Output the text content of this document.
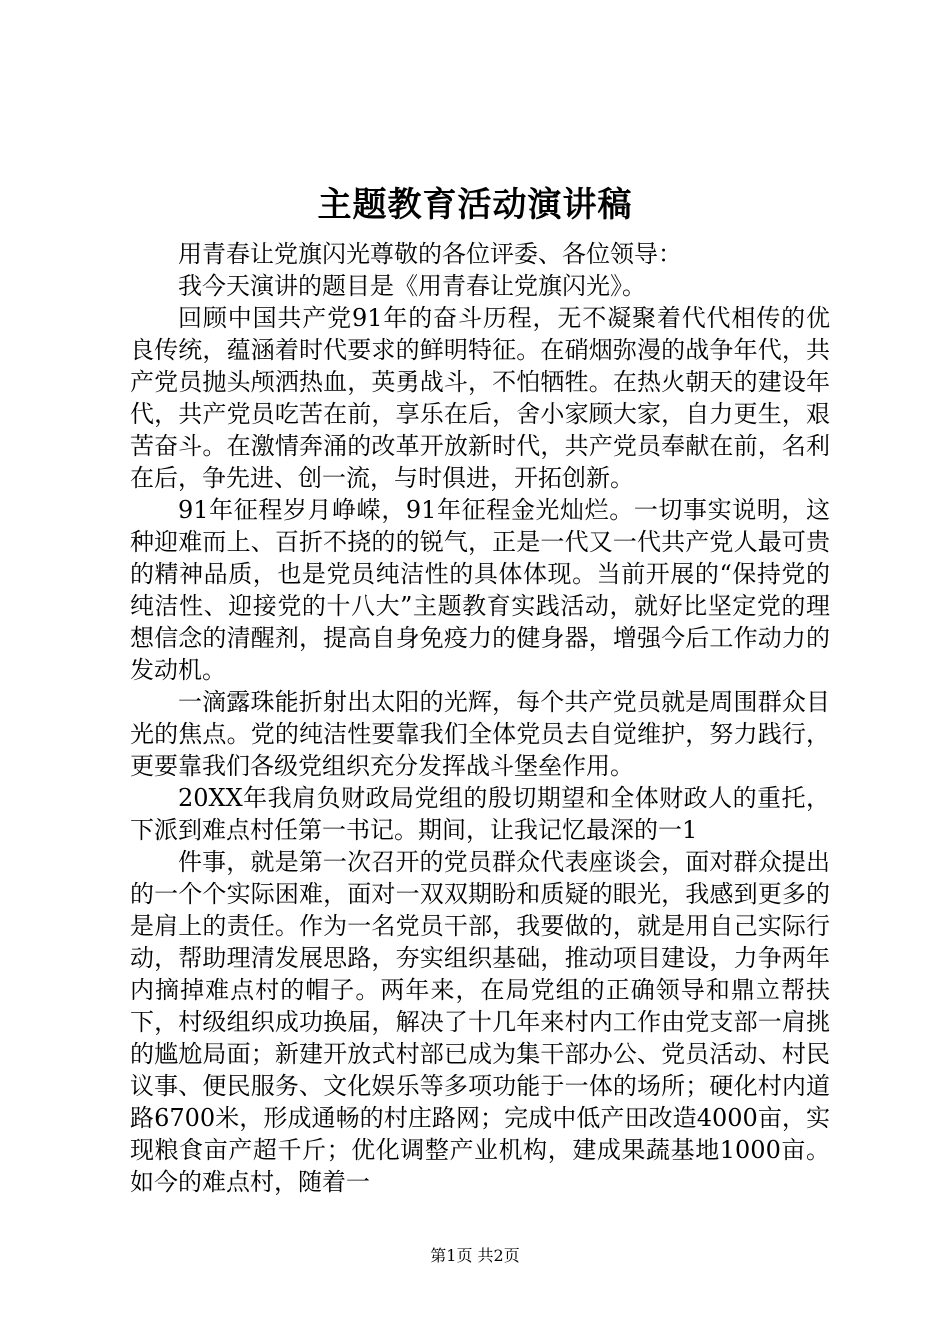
主题教育活动演讲稿

用青春让党旗闪光尊敬的各位评委、各位领导：

我今天演讲的题目是《用青春让党旗闪光》。

回顾中国共产党91年的奋斗历程，无不凝聚着代代相传的优良传统，蕴涵着时代要求的鲜明特征。在硝烟弥漫的战争年代，共产党员抛头颅洒热血，英勇战斗，不怕牺牲。在热火朝天的建设年代，共产党员吃苦在前，享乐在后，舍小家顾大家，自力更生，艰苦奋斗。在激情奔涌的改革开放新时代，共产党员奉献在前，名利在后，争先进、创一流，与时俱进，开拓创新。

91年征程岁月峥嵘，91年征程金光灿烂。一切事实说明，这种迎难而上、百折不挠的的锐气，正是一代又一代共产党人最可贵的精神品质，也是党员纯洁性的具体体现。当前开展的“保持党的纯洁性、迎接党的十八大”主题教育实践活动，就好比坚定党的理想信念的清醒剂，提高自身免疫力的健身器，增强今后工作动力的发动机。

一滴露珠能折射出太阳的光辉，每个共产党员就是周围群众目光的焦点。党的纯洁性要靠我们全体党员去自觉维护，努力践行，更要靠我们各级党组织充分发挥战斗堡垒作用。

20XX年我肩负财政局党组的殷切期望和全体财政人的重托，下派到难点村任第一书记。期间，让我记忆最深的一1

件事，就是第一次召开的党员群众代表座谈会，面对群众提出的一个个实际困难，面对一双双期盼和质疑的眼光，我感到更多的是肩上的责任。作为一名党员干部，我要做的，就是用自己实际行动，帮助理清发展思路，夯实组织基础，推动项目建设，力争两年内摘掉难点村的帽子。两年来，在局党组的正确领导和鼎立帮扶下，村级组织成功换届，解决了十几年来村内工作由党支部一肩挑的尴尬局面；新建开放式村部已成为集干部办公、党员活动、村民议事、便民服务、文化娱乐等多项功能于一体的场所；硬化村内道路6700米，形成通畅的村庄路网；完成中低产田改造4000亩，实现粮食亩产超千斤；优化调整产业机构，建成果蔬基地1000亩。如今的难点村，随着一

第1页 共2页
